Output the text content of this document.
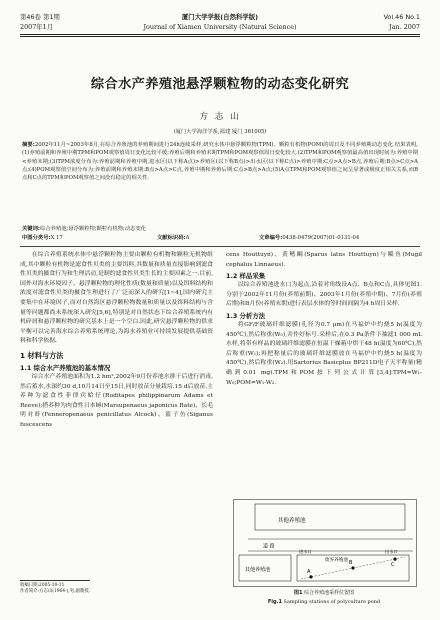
第46卷 第1期	厦门大学学报(自然科学版)	Vol.46 No.1
2007年1月	Journal of Xiamen University (Natural Science)	Jan. 2007
综合水产养殖池悬浮颗粒物的动态变化研究
方 志 山
(厦门大学海洋学系,福建 厦门 361005)
摘要:2002年11月~2003年8月,在综合养殖池的养殖期间进行24h连续采样,研究水体中悬浮颗粒物(TPM)、颗粒有机物(POM)的周日及不同养殖期动态变化.结果表明,(1)养殖前期和养殖中期TPM和POM观察值周日变化比较平缓;养殖后期和养殖末期TPM和POM观察值周日变化较大.(2)TPM和POM观察值最高值出现时间为:养殖中期<养殖末期;(3)TPM浓度分布为:养殖前期和养殖中期,进水区(以下称A点)>养殖区(以下称B点)>出水区(以下称C点)>养殖中期;C点>A点>B点,养殖后期:B点>C点>A点;(4)POM观察值空间分布为:养殖前期和养殖末期:B点>A点>C点,养殖中期和养殖后期:C点>B点>A点;(5)A点TPM和POM观察值之间呈显著或极度正相关关系,而B点和C点的TPM和POM观察值之间没有稳定的相关性.
关键词:综合养殖池;悬浮颗粒物;颗粒有机物;动态变化
中图分类号: X 17	文献标识码: A	文章编号: 0438-0479(2007)01-0131-04

在综合养殖系统水体中悬浮颗粒物主要由颗粒有机物和颗粒无机物组成,其中颗粒有机物是滤食性贝类的主要饵料,其数量和质量直接影响到滤食性贝类的摄食行为和生理活动,是制约滤食性贝类生长的主要因素之一.目前,国外对海水环境因子、悬浮颗粒物的理化性质(数量和质量)以及饵料结构和浓度对滤食性贝类的摄食生理进行了广泛而深入的研究[1~4],国内研究主要集中在环境因子,而对自然海区悬浮颗粒物数量和质量以及饵料结构与含量等问题都尚未系统深入研究[5,6],特别是对自然状态下综合养殖系统内有机碎屑和悬浮颗粒物的研究基本上是一个空白.因此,研究悬浮颗粒物的供求平衡可以完善海水综合养殖系统理论,为海水养殖业可持续发展提供基础资料和科学依据.

1 材料与方法
1.1 综合水产养殖池的基本情况

综合水产养殖池面积为1.2 hm²,2002年9月份养池水排干后进行消毒,然后蓄水,水深约30 d,10月14日至15日,同时放苗分量栽培.15 d后放苗.主养种为滤食性菲律宾蛤仔(Ruditapes philippinarum Adams et Reeve);搭养种为肉食性日本蟳(Marsupenaeus japonicus Bate)、长毛明对虾(Fenneropenaeus penicillatus Alcock)、篮子鱼(Siganus fuscescens

收稿日期:2005-10-11
作者简介:方志山(1964-),男,副教授.

cens Houttuyn)、黄鳍鲷(Sparus latus Houttuyn)与鲻鱼(Mugil cephalus Linnaeus).

1.2 样品采集

以综合养殖池进水口为起点,沿着对角线设A点、B点和C点,具体见图1.分别于2002年11月份(养殖前期)、2003年1月份(养殖中期)、7月份(养殖后期)和8月份(养殖末期)进行表层水体的等时间间隔为4 h周日采样.

1.3 分析方法

将GF/F玻璃纤维滤膜(孔径为0.7 μm)在马福炉中灼烧5 h(温度为450℃),然后称重(W₀),并作好标号.采样后,在0.3 Pa条件下抽滤1 000 mL水样,将带有样品的玻璃纤维滤膜在恒温干燥箱中烘干48 h(温度为60℃),然后称重(W₁);再把称量后的玻璃纤维滤膜放在马福炉中灼烧5 h(温度为450℃),然后称重(W₂).用Sartorius Basicplus BP211D电子天平称量(精确到0.01 mg).TPM和POM按下列公式计算[3,4]:TPM=W₁-W₀;POM=W₁-W₂.

其他养殖池
道 路
其他养殖池	A
B	C
废弃养殖池
进水口	出水口
图1 综合养殖池采样位置图
Fig.1 Sampling stations of polyculture pond
